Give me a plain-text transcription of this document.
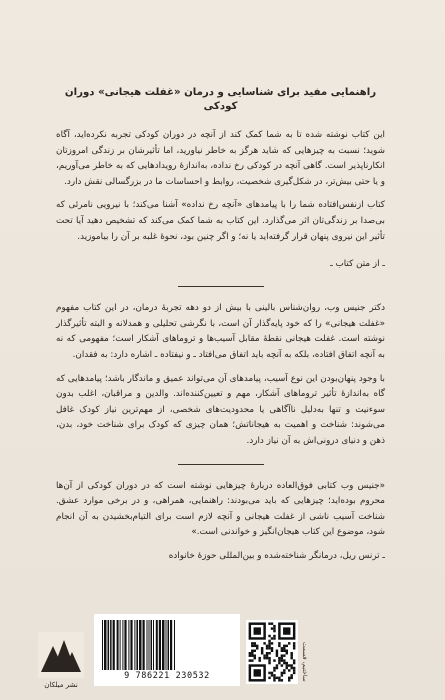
راهنمایی مفید برای شناسایی و درمان «غفلت هیجانی» دوران کودکی

این کتاب نوشته شده تا به شما کمک کند از آنچه در دوران کودکی تجربه نکرده‌اید، آگاه شوید؛ نسبت به چیزهایی که شاید هرگز به خاطر نیاورید، اما تأثیرشان بر زندگی امروزتان انکارناپذیر است. گاهی آنچه در کودکی رخ نداده، به‌اندازهٔ رویدادهایی که به خاطر می‌آوریم، و یا حتی بیش‌تر، در شکل‌گیری شخصیت، روابط و احساسات ما در بزرگسالی نقش دارد.

کتاب ازنفس‌افتاده شما را با پیامدهای «آنچه رخ نداده» آشنا می‌کند؛ با نیرویی نامرئی که بی‌صدا بر زندگی‌تان اثر می‌گذارد. این کتاب به شما کمک می‌کند که تشخیص دهید آیا تحت تأثیر این نیروی پنهان قرار گرفته‌اید یا نه؛ و اگر چنین بود، نحوهٔ غلبه بر آن را بیاموزید.

ـ از متن کتاب ـ

دکتر جنیس وب، روان‌شناس بالینی با بیش از دو دهه تجربهٔ درمان، در این کتاب مفهوم «غفلت هیجانی» را که خود پایه‌گذار آن است، با نگرشی تحلیلی و همدلانه و البته تأثیرگذار نوشته است. غفلت هیجانی نقطهٔ مقابل آسیب‌ها و تروماهای آشکار است؛ مفهومی که نه به آنچه اتفاق افتاده، بلکه به آنچه باید اتفاق می‌افتاد ـ و نیفتاده ـ اشاره دارد: به فقدان.

با وجود پنهان‌بودن این نوع آسیب، پیامدهای آن می‌تواند عمیق و ماندگار باشد؛ پیامدهایی که گاه به‌اندازهٔ تأثیر تروماهای آشکار، مهم و تعیین‌کننده‌اند. والدین و مراقبان، اغلب بدون سوءنیت و تنها به‌دلیل ناآگاهی یا محدودیت‌های شخصی، از مهم‌ترین نیاز کودک غافل می‌شوند: شناخت و اهمیت به هیجاناتش؛ همان چیزی که کودک برای شناخت خود، بدن، ذهن و دنیای درونی‌اش به آن نیاز دارد.

«جنیس وب کتابی فوق‌العاده دربارهٔ چیزهایی نوشته است که در دوران کودکی از آن‌ها محروم بوده‌اید؛ چیزهایی که باید می‌بودند: راهنمایی، همراهی، و در برخی موارد عشق. شناخت آسیب ناشی از غفلت هیجانی و آنچه لازم است برای التیام‌بخشیدن به آن انجام شود، موضوع این کتاب هیجان‌انگیز و خواندنی است.»

ـ ترنس ریل، درمانگر شناخته‌شده و بین‌المللی حوزهٔ خانواده

نشر میلکان
9 786221 230532	ساختیم، قسمت
